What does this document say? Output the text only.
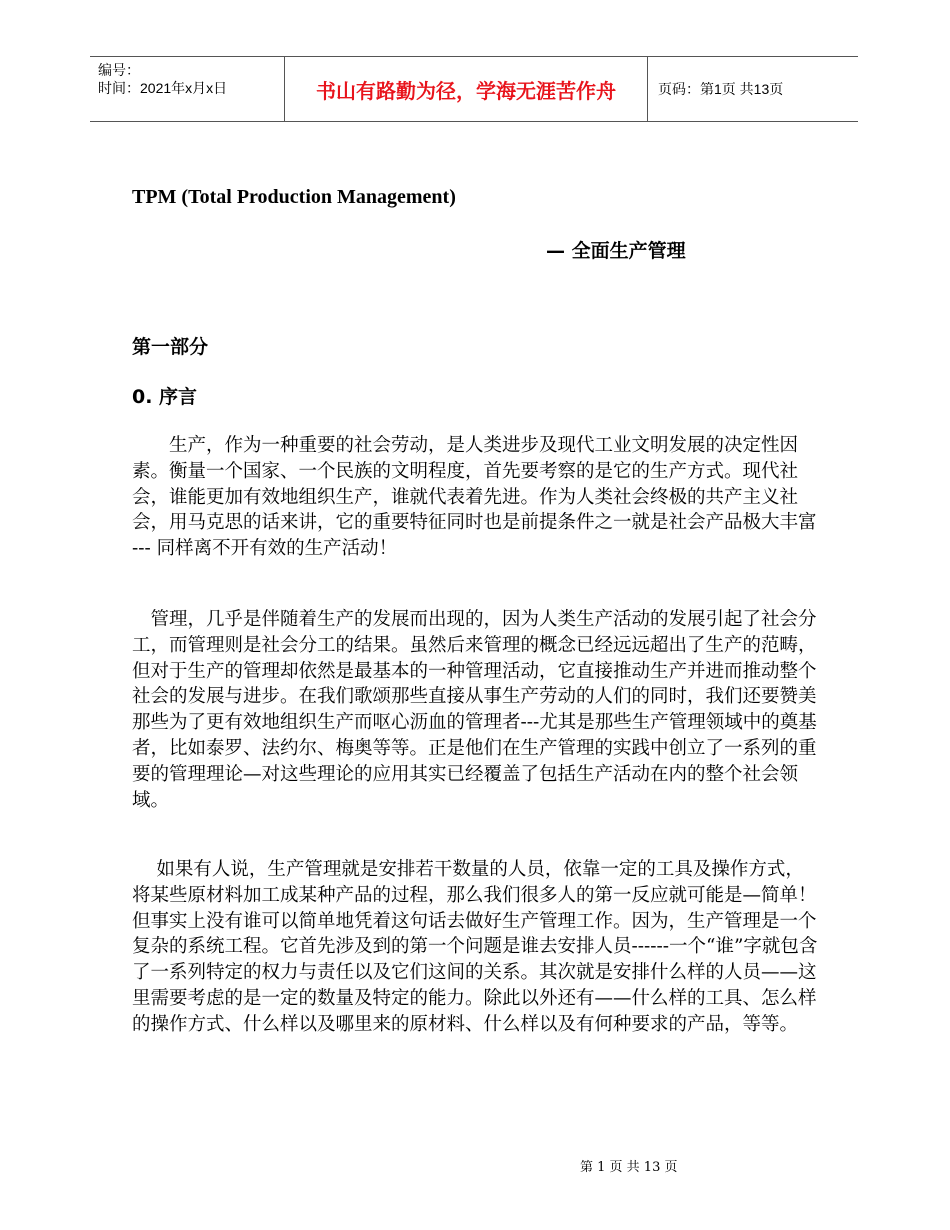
编号：
时间：2021年x月x日	书山有路勤为径，学海无涯苦作舟	页码：第1页 共13页
TPM (Total Production Management)
— 全面生产管理
第一部分
0. 序言

　　生产，作为一种重要的社会劳动，是人类进步及现代工业文明发展的决定性因素。衡量一个国家、一个民族的文明程度，首先要考察的是它的生产方式。现代社会，谁能更加有效地组织生产，谁就代表着先进。作为人类社会终极的共产主义社会，用马克思的话来讲，它的重要特征同时也是前提条件之一就是社会产品极大丰富 --- 同样离不开有效的生产活动！

　管理，几乎是伴随着生产的发展而出现的，因为人类生产活动的发展引起了社会分工，而管理则是社会分工的结果。虽然后来管理的概念已经远远超出了生产的范畴，但对于生产的管理却依然是最基本的一种管理活动，它直接推动生产并进而推动整个社会的发展与进步。在我们歌颂那些直接从事生产劳动的人们的同时，我们还要赞美那些为了更有效地组织生产而呕心沥血的管理者---尤其是那些生产管理领域中的奠基者，比如泰罗、法约尔、梅奥等等。正是他们在生产管理的实践中创立了一系列的重要的管理理论—对这些理论的应用其实已经覆盖了包括生产活动在内的整个社会领域。

　 如果有人说，生产管理就是安排若干数量的人员，依靠一定的工具及操作方式，将某些原材料加工成某种产品的过程，那么我们很多人的第一反应就可能是—简单！但事实上没有谁可以简单地凭着这句话去做好生产管理工作。因为，生产管理是一个复杂的系统工程。它首先涉及到的第一个问题是谁去安排人员------一个“谁”字就包含了一系列特定的权力与责任以及它们这间的关系。其次就是安排什么样的人员——这里需要考虑的是一定的数量及特定的能力。除此以外还有——什么样的工具、怎么样的操作方式、什么样以及哪里来的原材料、什么样以及有何种要求的产品，等等。

第 1 页 共 13 页
